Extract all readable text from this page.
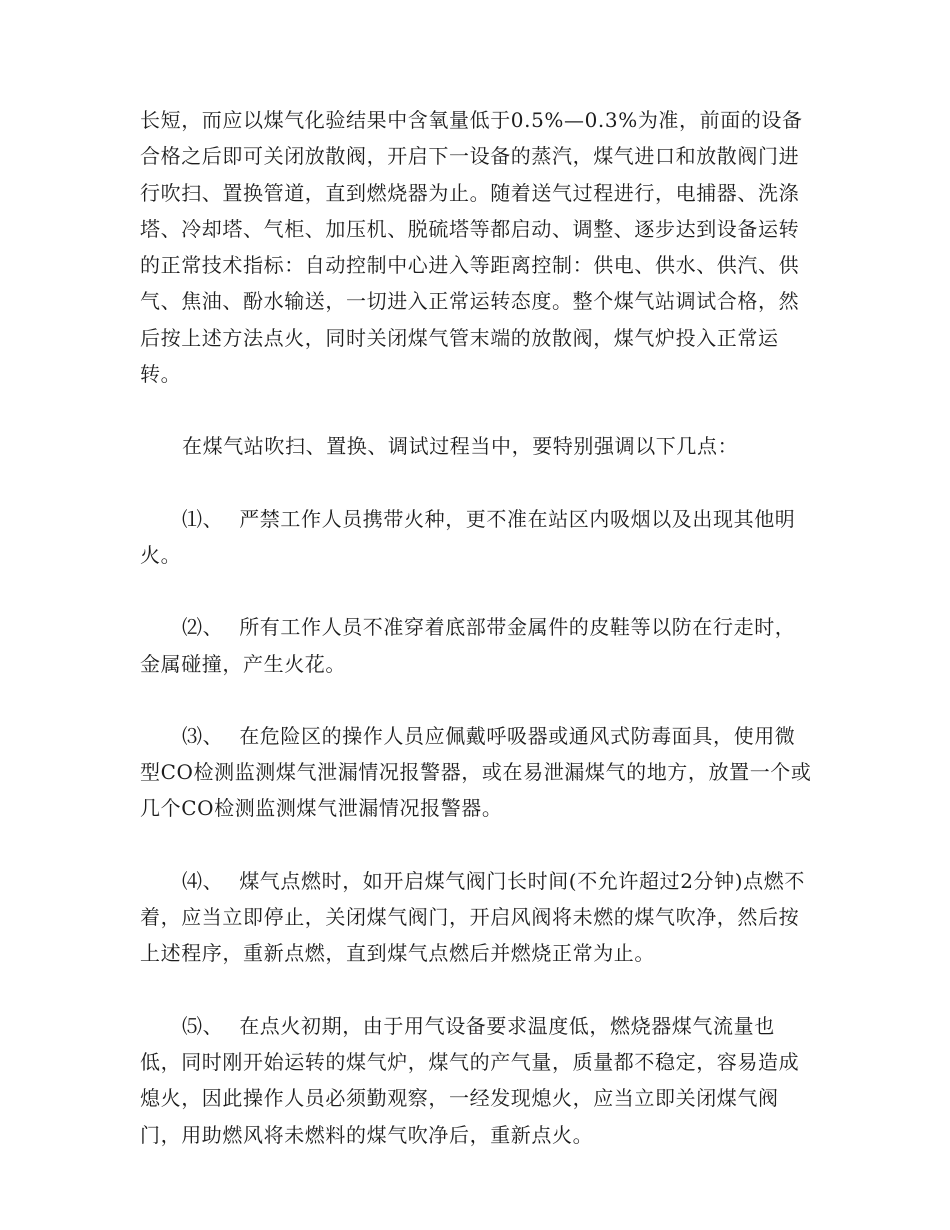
长短，而应以煤气化验结果中含氧量低于0.5%—0.3%为准，前面的设备合格之后即可关闭放散阀，开启下一设备的蒸汽，煤气进口和放散阀门进行吹扫、置换管道，直到燃烧器为止。随着送气过程进行，电捕器、洗涤塔、冷却塔、气柜、加压机、脱硫塔等都启动、调整、逐步达到设备运转的正常技术指标：自动控制中心进入等距离控制：供电、供水、供汽、供气、焦油、酚水输送，一切进入正常运转态度。整个煤气站调试合格，然后按上述方法点火，同时关闭煤气管末端的放散阀，煤气炉投入正常运转。

在煤气站吹扫、置换、调试过程当中，要特别强调以下几点：

⑴、 严禁工作人员携带火种，更不准在站区内吸烟以及出现其他明火。

⑵、 所有工作人员不准穿着底部带金属件的皮鞋等以防在行走时，金属碰撞，产生火花。

⑶、 在危险区的操作人员应佩戴呼吸器或通风式防毒面具，使用微型CO检测监测煤气泄漏情况报警器，或在易泄漏煤气的地方，放置一个或几个CO检测监测煤气泄漏情况报警器。

⑷、 煤气点燃时，如开启煤气阀门长时间(不允许超过2分钟)点燃不着，应当立即停止，关闭煤气阀门，开启风阀将未燃的煤气吹净，然后按上述程序，重新点燃，直到煤气点燃后并燃烧正常为止。

⑸、 在点火初期，由于用气设备要求温度低，燃烧器煤气流量也低，同时刚开始运转的煤气炉，煤气的产气量，质量都不稳定，容易造成熄火，因此操作人员必须勤观察，一经发现熄火，应当立即关闭煤气阀门，用助燃风将未燃料的煤气吹净后，重新点火。
